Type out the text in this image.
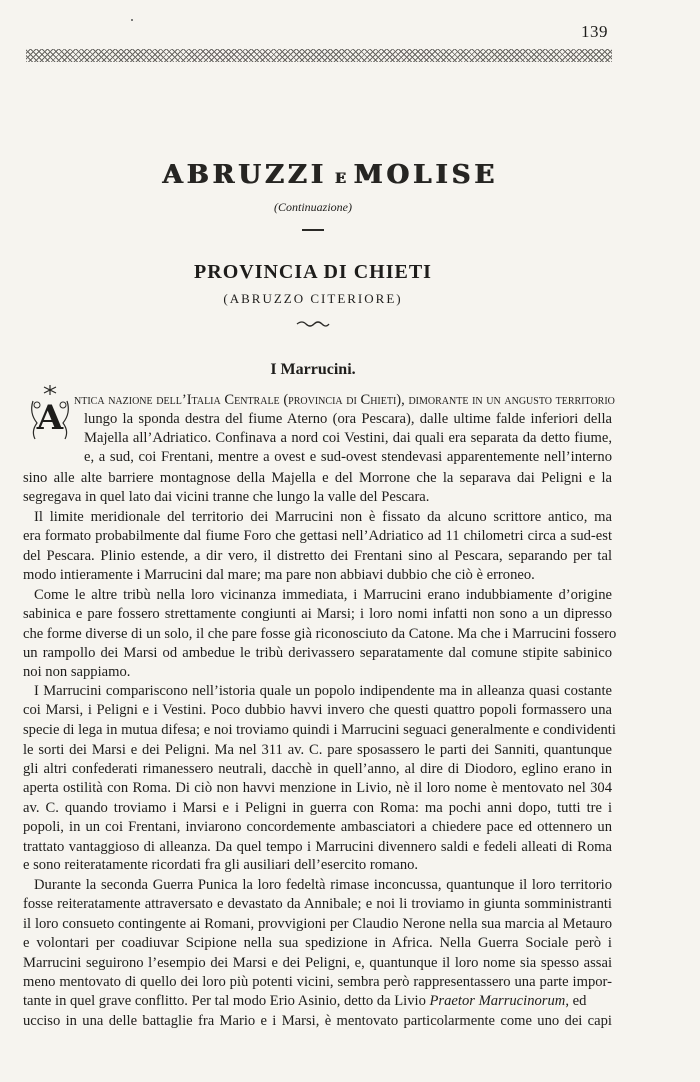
139
ABRUZZI E MOLISE
(Continuazione)
PROVINCIA DI CHIETI
(ABRUZZO CITERIORE)
I Marrucini.
A ntica nazione dell’Italia Centrale (provincia di Chieti), dimorante in un angusto territorio
lungo la sponda destra del fiume Aterno (ora Pescara), dalle ultime falde inferiori della
Majella all’Adriatico. Confinava a nord coi Vestini, dai quali era separata da detto fiume,
e, a sud, coi Frentani, mentre a ovest e sud-ovest stendevasi apparentemente nell’interno
sino alle alte barriere montagnose della Majella e del Morrone che la separava dai Peligni e la
segregava in quel lato dai vicini tranne che lungo la valle del Pescara.
Il limite meridionale del territorio dei Marrucini non è fissato da alcuno scrittore antico, ma
era formato probabilmente dal fiume Foro che gettasi nell’Adriatico ad 11 chilometri circa a sud-est
del Pescara. Plinio estende, a dir vero, il distretto dei Frentani sino al Pescara, separando per tal
modo intieramente i Marrucini dal mare; ma pare non abbiavi dubbio che ciò è erroneo.
Come le altre tribù nella loro vicinanza immediata, i Marrucini erano indubbiamente d’origine
sabinica e pare fossero strettamente congiunti ai Marsi; i loro nomi infatti non sono a un dipresso
che forme diverse di un solo, il che pare fosse già riconosciuto da Catone. Ma che i Marrucini fossero
un rampollo dei Marsi od ambedue le tribù derivassero separatamente dal comune stipite sabinico
noi non sappiamo.
I Marrucini compariscono nell’istoria quale un popolo indipendente ma in alleanza quasi costante
coi Marsi, i Peligni e i Vestini. Poco dubbio havvi invero che questi quattro popoli formassero una
specie di lega in mutua difesa; e noi troviamo quindi i Marrucini seguaci generalmente e condividenti
le sorti dei Marsi e dei Peligni. Ma nel 311 av. C. pare sposassero le parti dei Sanniti, quantunque
gli altri confederati rimanessero neutrali, dacchè in quell’anno, al dire di Diodoro, eglino erano in
aperta ostilità con Roma. Di ciò non havvi menzione in Livio, nè il loro nome è mentovato nel 304
av. C. quando troviamo i Marsi e i Peligni in guerra con Roma: ma pochi anni dopo, tutti tre i
popoli, in un coi Frentani, inviarono concordemente ambasciatori a chiedere pace ed ottennero un
trattato vantaggioso di alleanza. Da quel tempo i Marrucini divennero saldi e fedeli alleati di Roma
e sono reiteratamente ricordati fra gli ausiliari dell’esercito romano.
Durante la seconda Guerra Punica la loro fedeltà rimase inconcussa, quantunque il loro territorio
fosse reiteratamente attraversato e devastato da Annibale; e noi li troviamo in giunta somministranti
il loro consueto contingente ai Romani, provvigioni per Claudio Nerone nella sua marcia al Metauro
e volontari per coadiuvar Scipione nella sua spedizione in Africa. Nella Guerra Sociale però i
Marrucini seguirono l’esempio dei Marsi e dei Peligni, e, quantunque il loro nome sia spesso assai
meno mentovato di quello dei loro più potenti vicini, sembra però rappresentassero una parte impor-
tante in quel grave conflitto. Per tal modo Erio Asinio, detto da Livio Praetor Marrucinorum, ed
ucciso in una delle battaglie fra Mario e i Marsi, è mentovato particolarmente come uno dei capi
